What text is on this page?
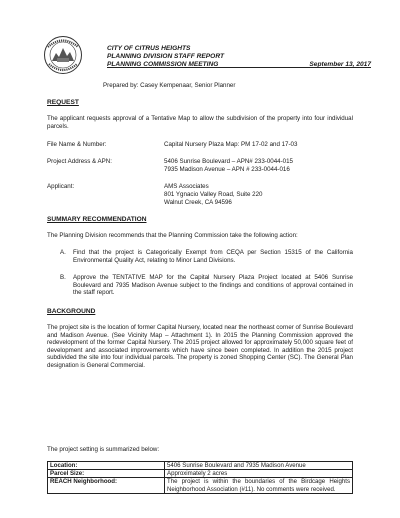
CITY OF CITRUS HEIGHTS
PLANNING DIVISION STAFF REPORT
PLANNING COMMISSION MEETING	September 13, 2017
Prepared by: Casey Kempenaar, Senior Planner
REQUEST
The applicant requests approval of a Tentative Map to allow the subdivision of the property into four individual parcels.
File Name & Number:	Capital Nursery Plaza Map: PM 17-02 and 17-03
Project Address & APN:	5406 Sunrise Boulevard – APN# 233-0044-015
7935 Madison Avenue – APN # 233-0044-016
Applicant:	AMS Associates
801 Ygnacio Valley Road, Suite 220
Walnut Creek, CA 94596
SUMMARY RECOMMENDATION
The Planning Division recommends that the Planning Commission take the following action:
A. Find that the project is Categorically Exempt from CEQA per Section 15315 of the California Environmental Quality Act, relating to Minor Land Divisions.
B. Approve the TENTATIVE MAP for the Capital Nursery Plaza Project located at 5406 Sunrise Boulevard and 7935 Madison Avenue subject to the findings and conditions of approval contained in the staff report.
BACKGROUND
The project site is the location of former Capital Nursery, located near the northeast corner of Sunrise Boulevard and Madison Avenue. (See Vicinity Map – Attachment 1). In 2015 the Planning Commission approved the redevelopment of the former Capital Nursery. The 2015 project allowed for approximately 50,000 square feet of development and associated improvements which have since been completed. In addition the 2015 project subdivided the site into four individual parcels. The property is zoned Shopping Center (SC). The General Plan designation is General Commercial.
The project setting is summarized below:
Location:	5406 Sunrise Boulevard and 7935 Madison Avenue
Parcel Size:	Approximately 2 acres
REACH Neighborhood:	The project is within the boundaries of the Birdcage Heights Neighborhood Association (#11). No comments were received.
